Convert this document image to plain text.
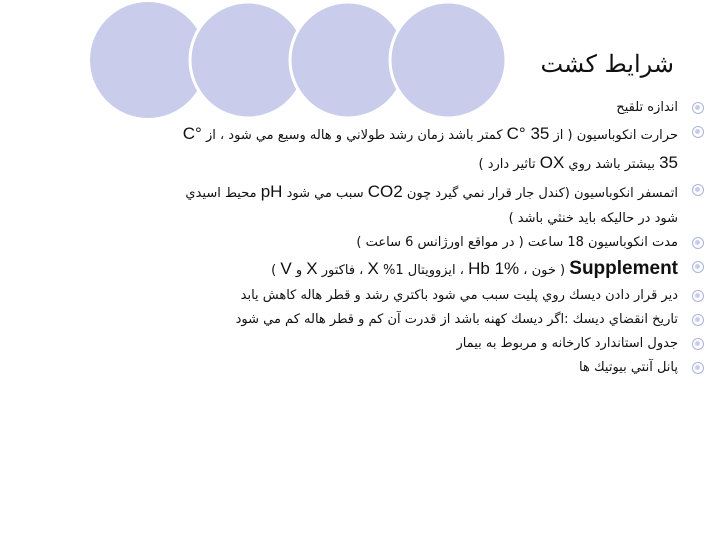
شرايط كشت
اندازه تلقيح
حرارت انكوباسيون ( از 35 °C كمتر باشد زمان رشد طولاني و هاله وسيع مي شود ، از °C
35 بيشتر باشد روي OX تاثير دارد )
اتمسفر انكوباسيون (كندل جار قرار نمي گيرد چون CO2 سبب مي شود pH محيط اسيدي
شود در حاليكه بايد خنثي باشد )
مدت انكوباسيون 18 ساعت ( در مواقع اورژانس 6 ساعت )
Supplement ( خون ، Hb 1% ، ايزوويتال 1% X ، فاكتور X و V )
دير قرار دادن ديسك روي پليت سبب مي شود باكتري رشد و قطر هاله كاهش يابد
تاريخ انقضاي ديسك :اگر ديسك كهنه باشد از قدرت آن كم و قطر هاله كم مي شود
جدول استاندارد كارخانه و مربوط به بيمار
پانل آنتي بيوتيك ها
